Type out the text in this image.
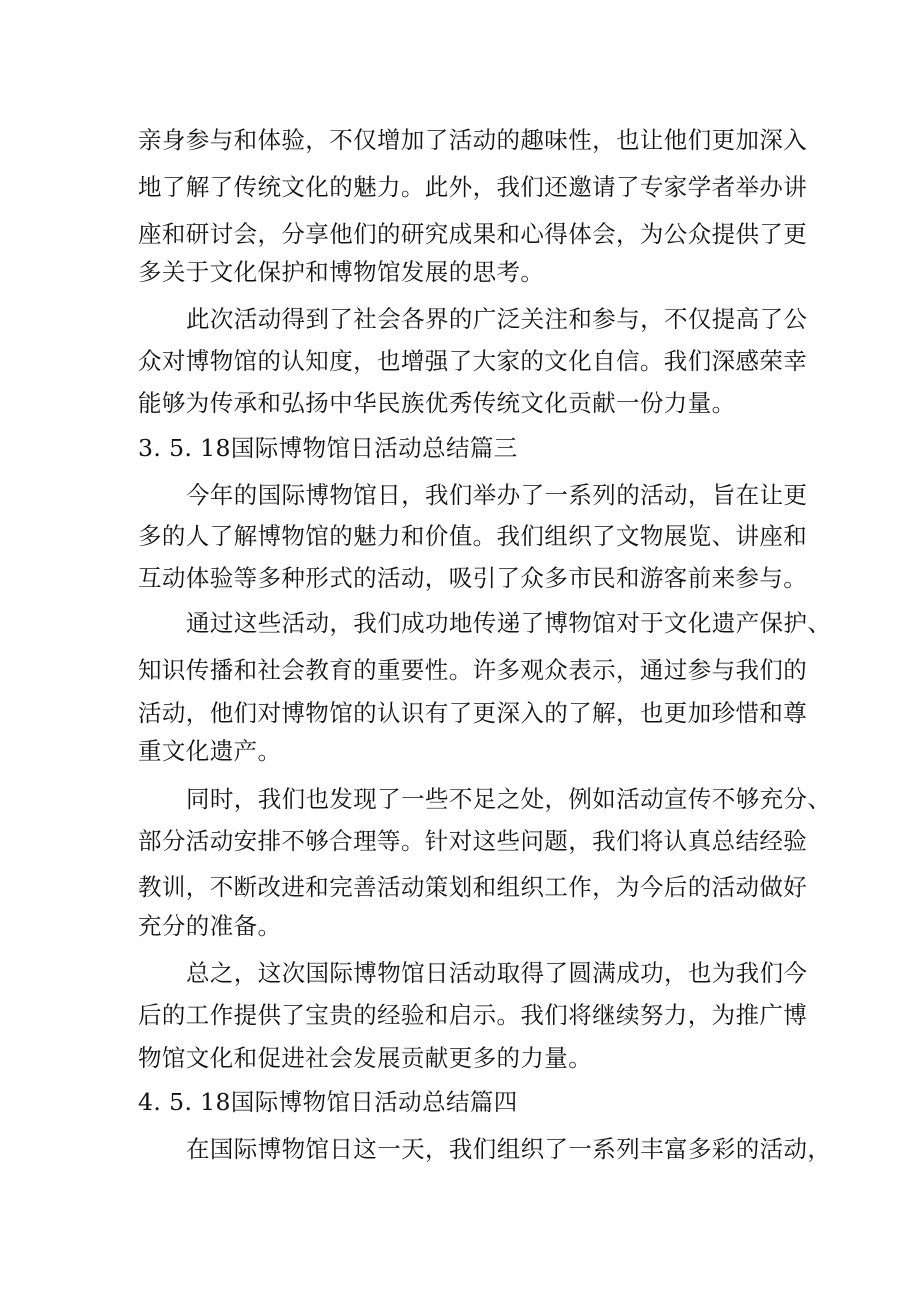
亲身参与和体验，不仅增加了活动的趣味性，也让他们更加深入
地了解了传统文化的魅力。此外，我们还邀请了专家学者举办讲
座和研讨会，分享他们的研究成果和心得体会，为公众提供了更
多关于文化保护和博物馆发展的思考。
此次活动得到了社会各界的广泛关注和参与，不仅提高了公
众对博物馆的认知度，也增强了大家的文化自信。我们深感荣幸
能够为传承和弘扬中华民族优秀传统文化贡献一份力量。
3. 5. 18国际博物馆日活动总结篇三
今年的国际博物馆日，我们举办了一系列的活动，旨在让更
多的人了解博物馆的魅力和价值。我们组织了文物展览、讲座和
互动体验等多种形式的活动，吸引了众多市民和游客前来参与。
通过这些活动，我们成功地传递了博物馆对于文化遗产保护、
知识传播和社会教育的重要性。许多观众表示，通过参与我们的
活动，他们对博物馆的认识有了更深入的了解，也更加珍惜和尊
重文化遗产。
同时，我们也发现了一些不足之处，例如活动宣传不够充分、
部分活动安排不够合理等。针对这些问题，我们将认真总结经验
教训，不断改进和完善活动策划和组织工作，为今后的活动做好
充分的准备。
总之，这次国际博物馆日活动取得了圆满成功，也为我们今
后的工作提供了宝贵的经验和启示。我们将继续努力，为推广博
物馆文化和促进社会发展贡献更多的力量。
4. 5. 18国际博物馆日活动总结篇四
在国际博物馆日这一天，我们组织了一系列丰富多彩的活动，
